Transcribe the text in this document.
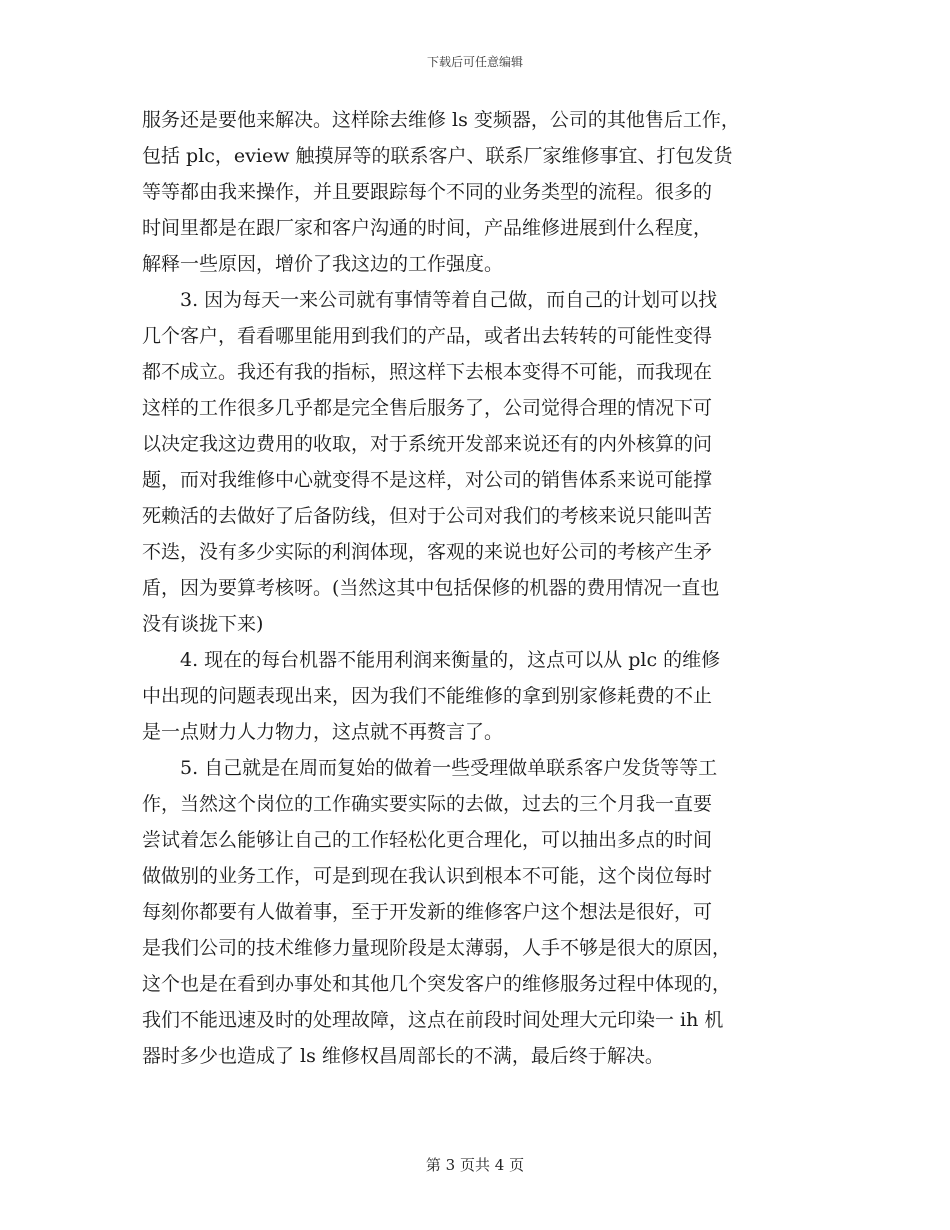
下载后可任意编辑
服务还是要他来解决。这样除去维修 ls 变频器，公司的其他售后工作，
包括 plc，eview 触摸屏等的联系客户、联系厂家维修事宜、打包发货
等等都由我来操作，并且要跟踪每个不同的业务类型的流程。很多的
时间里都是在跟厂家和客户沟通的时间，产品维修进展到什么程度，
解释一些原因，增价了我这边的工作强度。
3. 因为每天一来公司就有事情等着自己做，而自己的计划可以找
几个客户，看看哪里能用到我们的产品，或者出去转转的可能性变得
都不成立。我还有我的指标，照这样下去根本变得不可能，而我现在
这样的工作很多几乎都是完全售后服务了，公司觉得合理的情况下可
以决定我这边费用的收取，对于系统开发部来说还有的内外核算的问
题，而对我维修中心就变得不是这样，对公司的销售体系来说可能撑
死赖活的去做好了后备防线，但对于公司对我们的考核来说只能叫苦
不迭，没有多少实际的利润体现，客观的来说也好公司的考核产生矛
盾，因为要算考核呀。(当然这其中包括保修的机器的费用情况一直也
没有谈拢下来)
4. 现在的每台机器不能用利润来衡量的，这点可以从 plc 的维修
中出现的问题表现出来，因为我们不能维修的拿到别家修耗费的不止
是一点财力人力物力，这点就不再赘言了。
5. 自己就是在周而复始的做着一些受理做单联系客户发货等等工
作，当然这个岗位的工作确实要实际的去做，过去的三个月我一直要
尝试着怎么能够让自己的工作轻松化更合理化，可以抽出多点的时间
做做别的业务工作，可是到现在我认识到根本不可能，这个岗位每时
每刻你都要有人做着事，至于开发新的维修客户这个想法是很好，可
是我们公司的技术维修力量现阶段是太薄弱，人手不够是很大的原因，
这个也是在看到办事处和其他几个突发客户的维修服务过程中体现的，
我们不能迅速及时的处理故障，这点在前段时间处理大元印染一 ih 机
器时多少也造成了 ls 维修权昌周部长的不满，最后终于解决。
第 3 页共 4 页
